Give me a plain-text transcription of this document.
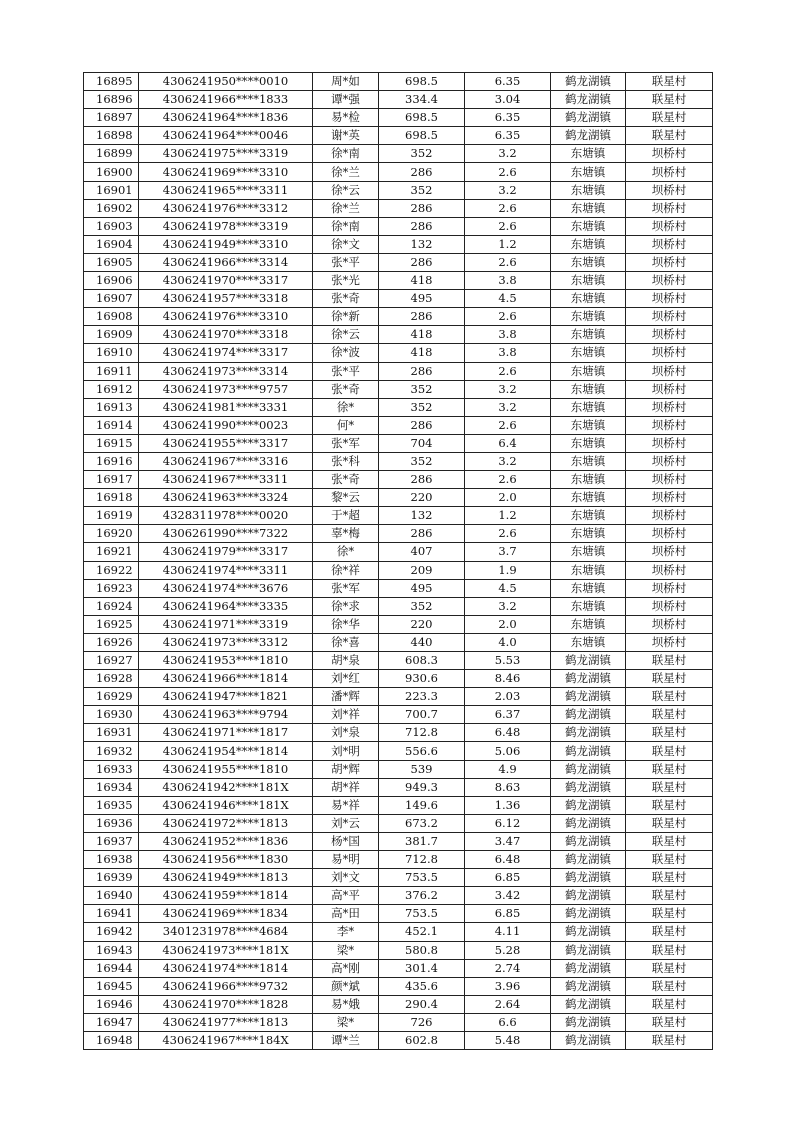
16895	4306241950****0010	周*如	698.5	6.35	鹤龙湖镇	联星村
16896	4306241966****1833	谭*强	334.4	3.04	鹤龙湖镇	联星村
16897	4306241964****1836	易*检	698.5	6.35	鹤龙湖镇	联星村
16898	4306241964****0046	谢*英	698.5	6.35	鹤龙湖镇	联星村
16899	4306241975****3319	徐*南	352	3.2	东塘镇	坝桥村
16900	4306241969****3310	徐*兰	286	2.6	东塘镇	坝桥村
16901	4306241965****3311	徐*云	352	3.2	东塘镇	坝桥村
16902	4306241976****3312	徐*兰	286	2.6	东塘镇	坝桥村
16903	4306241978****3319	徐*南	286	2.6	东塘镇	坝桥村
16904	4306241949****3310	徐*文	132	1.2	东塘镇	坝桥村
16905	4306241966****3314	张*平	286	2.6	东塘镇	坝桥村
16906	4306241970****3317	张*光	418	3.8	东塘镇	坝桥村
16907	4306241957****3318	张*奇	495	4.5	东塘镇	坝桥村
16908	4306241976****3310	徐*新	286	2.6	东塘镇	坝桥村
16909	4306241970****3318	徐*云	418	3.8	东塘镇	坝桥村
16910	4306241974****3317	徐*波	418	3.8	东塘镇	坝桥村
16911	4306241973****3314	张*平	286	2.6	东塘镇	坝桥村
16912	4306241973****9757	张*奇	352	3.2	东塘镇	坝桥村
16913	4306241981****3331	徐*	352	3.2	东塘镇	坝桥村
16914	4306241990****0023	何*	286	2.6	东塘镇	坝桥村
16915	4306241955****3317	张*军	704	6.4	东塘镇	坝桥村
16916	4306241967****3316	张*科	352	3.2	东塘镇	坝桥村
16917	4306241967****3311	张*奇	286	2.6	东塘镇	坝桥村
16918	4306241963****3324	黎*云	220	2.0	东塘镇	坝桥村
16919	4328311978****0020	于*超	132	1.2	东塘镇	坝桥村
16920	4306261990****7322	辜*梅	286	2.6	东塘镇	坝桥村
16921	4306241979****3317	徐*	407	3.7	东塘镇	坝桥村
16922	4306241974****3311	徐*祥	209	1.9	东塘镇	坝桥村
16923	4306241974****3676	张*军	495	4.5	东塘镇	坝桥村
16924	4306241964****3335	徐*求	352	3.2	东塘镇	坝桥村
16925	4306241971****3319	徐*华	220	2.0	东塘镇	坝桥村
16926	4306241973****3312	徐*喜	440	4.0	东塘镇	坝桥村
16927	4306241953****1810	胡*泉	608.3	5.53	鹤龙湖镇	联星村
16928	4306241966****1814	刘*红	930.6	8.46	鹤龙湖镇	联星村
16929	4306241947****1821	潘*辉	223.3	2.03	鹤龙湖镇	联星村
16930	4306241963****9794	刘*祥	700.7	6.37	鹤龙湖镇	联星村
16931	4306241971****1817	刘*泉	712.8	6.48	鹤龙湖镇	联星村
16932	4306241954****1814	刘*明	556.6	5.06	鹤龙湖镇	联星村
16933	4306241955****1810	胡*辉	539	4.9	鹤龙湖镇	联星村
16934	4306241942****181X	胡*祥	949.3	8.63	鹤龙湖镇	联星村
16935	4306241946****181X	易*祥	149.6	1.36	鹤龙湖镇	联星村
16936	4306241972****1813	刘*云	673.2	6.12	鹤龙湖镇	联星村
16937	4306241952****1836	杨*国	381.7	3.47	鹤龙湖镇	联星村
16938	4306241956****1830	易*明	712.8	6.48	鹤龙湖镇	联星村
16939	4306241949****1813	刘*文	753.5	6.85	鹤龙湖镇	联星村
16940	4306241959****1814	高*平	376.2	3.42	鹤龙湖镇	联星村
16941	4306241969****1834	高*田	753.5	6.85	鹤龙湖镇	联星村
16942	3401231978****4684	李*	452.1	4.11	鹤龙湖镇	联星村
16943	4306241973****181X	梁*	580.8	5.28	鹤龙湖镇	联星村
16944	4306241974****1814	高*刚	301.4	2.74	鹤龙湖镇	联星村
16945	4306241966****9732	颜*斌	435.6	3.96	鹤龙湖镇	联星村
16946	4306241970****1828	易*娥	290.4	2.64	鹤龙湖镇	联星村
16947	4306241977****1813	梁*	726	6.6	鹤龙湖镇	联星村
16948	4306241967****184X	谭*兰	602.8	5.48	鹤龙湖镇	联星村
